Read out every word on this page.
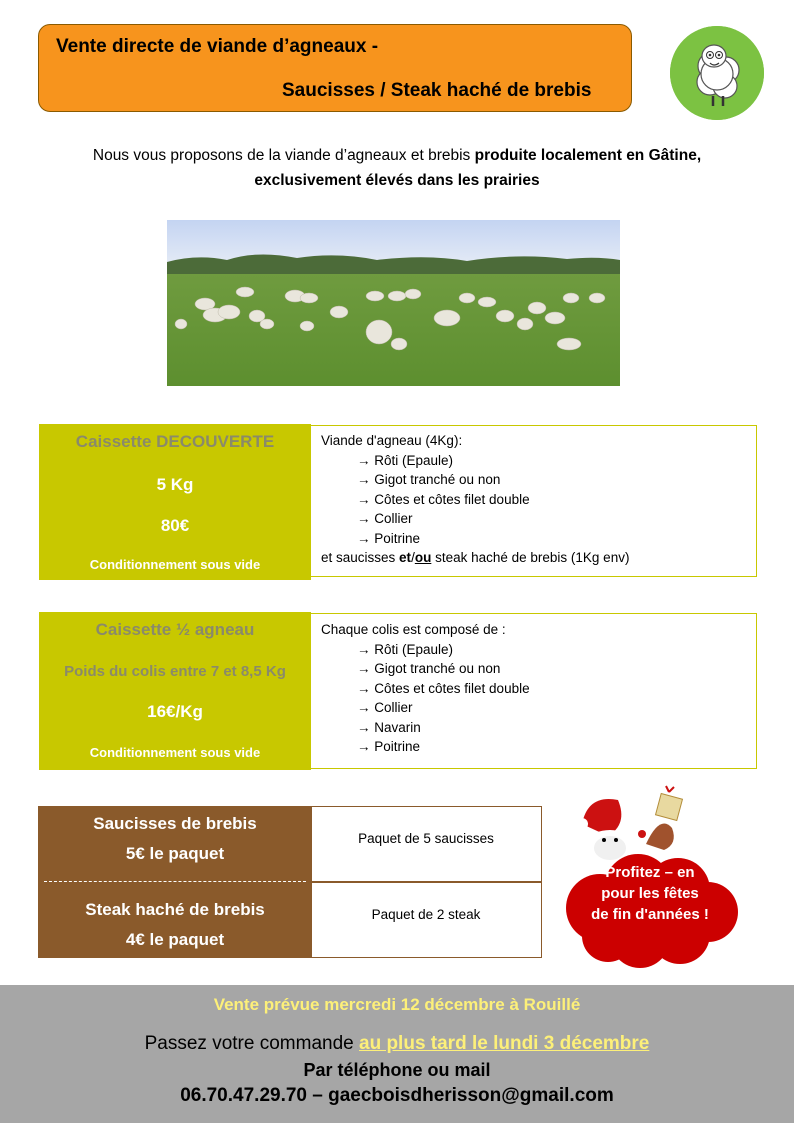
Vente directe de viande d’agneaux -
Saucisses / Steak haché de brebis
Nous vous proposons de la viande d’agneaux et brebis produite localement en Gâtine,
exclusivement élevés dans les prairies
Caissette DECOUVERTE
5 Kg
80€
Conditionnement sous vide
Viande d'agneau (4Kg):
→ Rôti (Epaule)
→ Gigot tranché ou non
→ Côtes et côtes filet double
→ Collier
→ Poitrine
et saucisses et/ou steak haché de brebis (1Kg env)
Caissette ½ agneau
Poids du colis entre 7 et 8,5 Kg
16€/Kg
Conditionnement sous vide
Chaque colis est composé de :
→ Rôti (Epaule)
→ Gigot tranché ou non
→ Côtes et côtes filet double
→ Collier
→ Navarin
→ Poitrine
Saucisses de brebis
5€ le paquet
Steak haché de brebis
4€ le paquet
Paquet de 5 saucisses
Paquet de 2 steak
Profitez – en
pour les fêtes
de fin d'années !
Vente prévue mercredi 12 décembre à Rouillé
Passez votre commande au plus tard le lundi 3 décembre
Par téléphone ou mail
06.70.47.29.70 – gaecboisdherisson@gmail.com
